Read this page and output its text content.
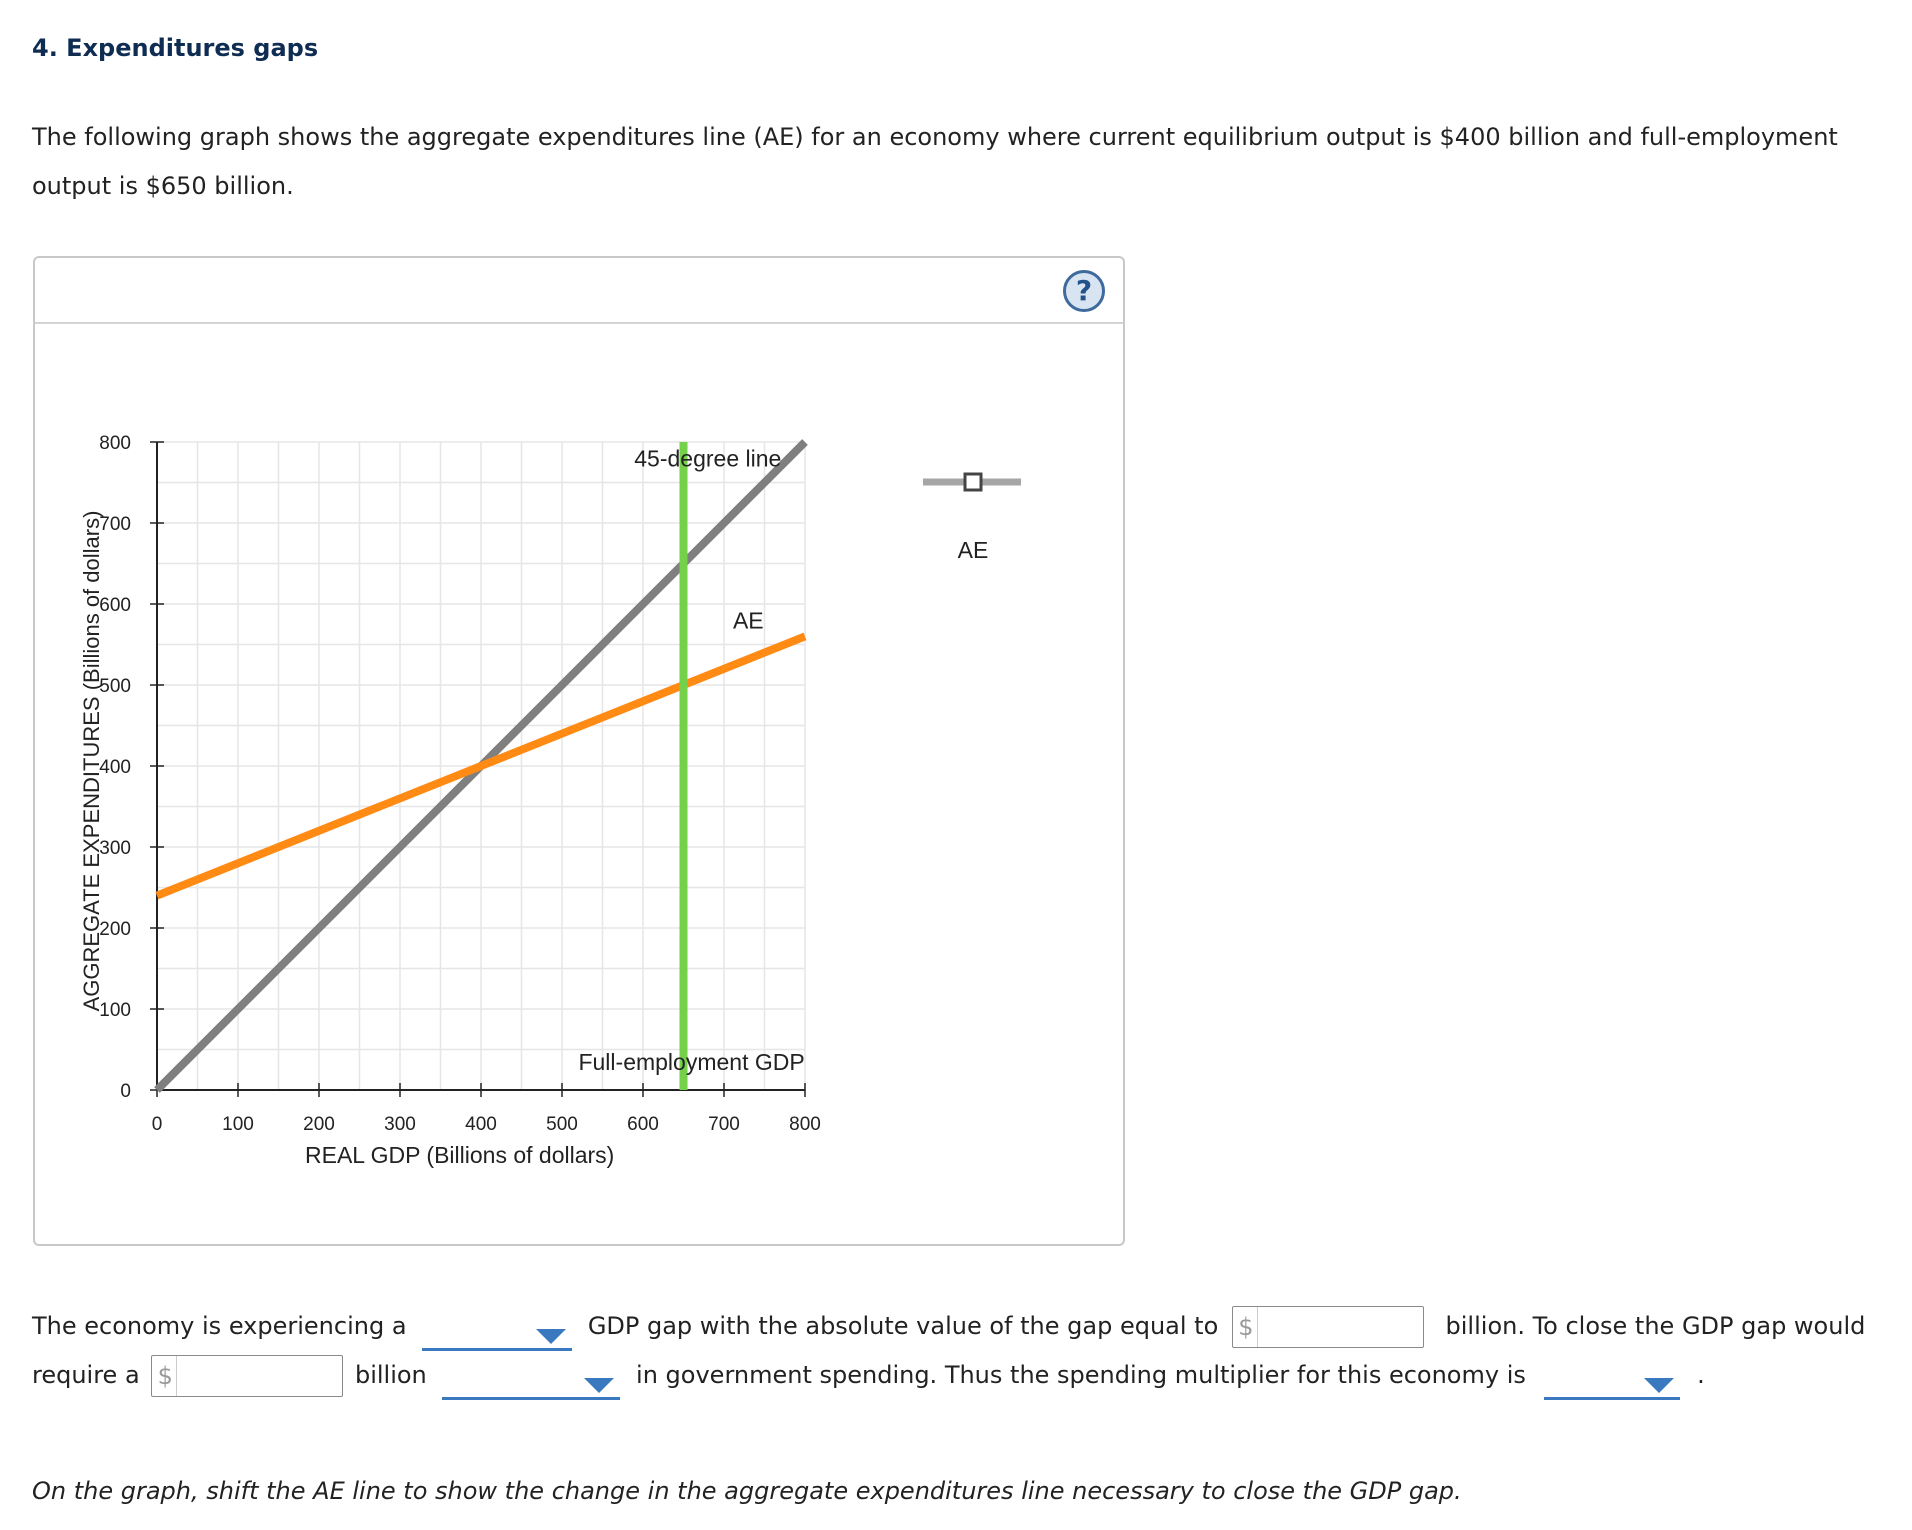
4. Expenditures gaps
The following graph shows the aggregate expenditures line (AE) for an economy where current equilibrium output is $400 billion and full-employment output is $650 billion.
?
0	100	200	300	400	500	600	700	800
0
100
200
300
400
500
600
700
800
45-degree line
AE
Full-employment GDP
REAL GDP (Billions of dollars)
AGGREGATE EXPENDITURES (Billions of dollars)	AE
The economy is experiencing a	GDP gap with the absolute value of the gap equal to $	billion. To close the GDP gap would require a $	billion	in government spending. Thus the spending multiplier for this economy is	.
On the graph, shift the AE line to show the change in the aggregate expenditures line necessary to close the GDP gap.
